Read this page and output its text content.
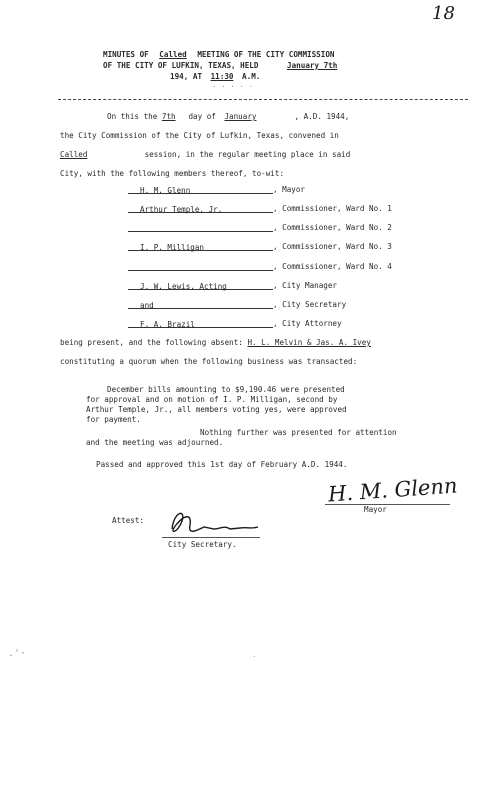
18
MINUTES OF Called MEETING OF THE CITY COMMISSION
OF THE CITY OF LUFKIN, TEXAS, HELD	January 7th
194, AT 11:30 A.M.
. . . . .
On this the 7th day of January	, A.D. 1944,
the City Commission of the City of Lufkin, Texas, convened in
Called	session, in the regular meeting place in said
City, with the following members thereof, to-wit:
H. M. Glenn	, Mayor
Arthur Temple, Jr.	, Commissioner, Ward No. 1
, Commissioner, Ward No. 2
I. P. Milligan	, Commissioner, Ward No. 3
, Commissioner, Ward No. 4
J. W. Lewis, Acting	, City Manager
and	, City Secretary
F. A. Brazil	, City Attorney
being present, and the following absent: H. L. Melvin & Jas. A. Ivey
constituting a quorum when the following business was transacted:
December bills amounting to $9,190.46 were presented
for approval and on motion of I. P. Milligan, second by
Arthur Temple, Jr., all members voting yes, were approved
for payment.
Nothing further was presented for attention
and the meeting was adjourned.
Passed and approved this 1st day of February A.D. 1944.
H. M. Glenn
Mayor
Attest:
City Secretary.
.'·	·
